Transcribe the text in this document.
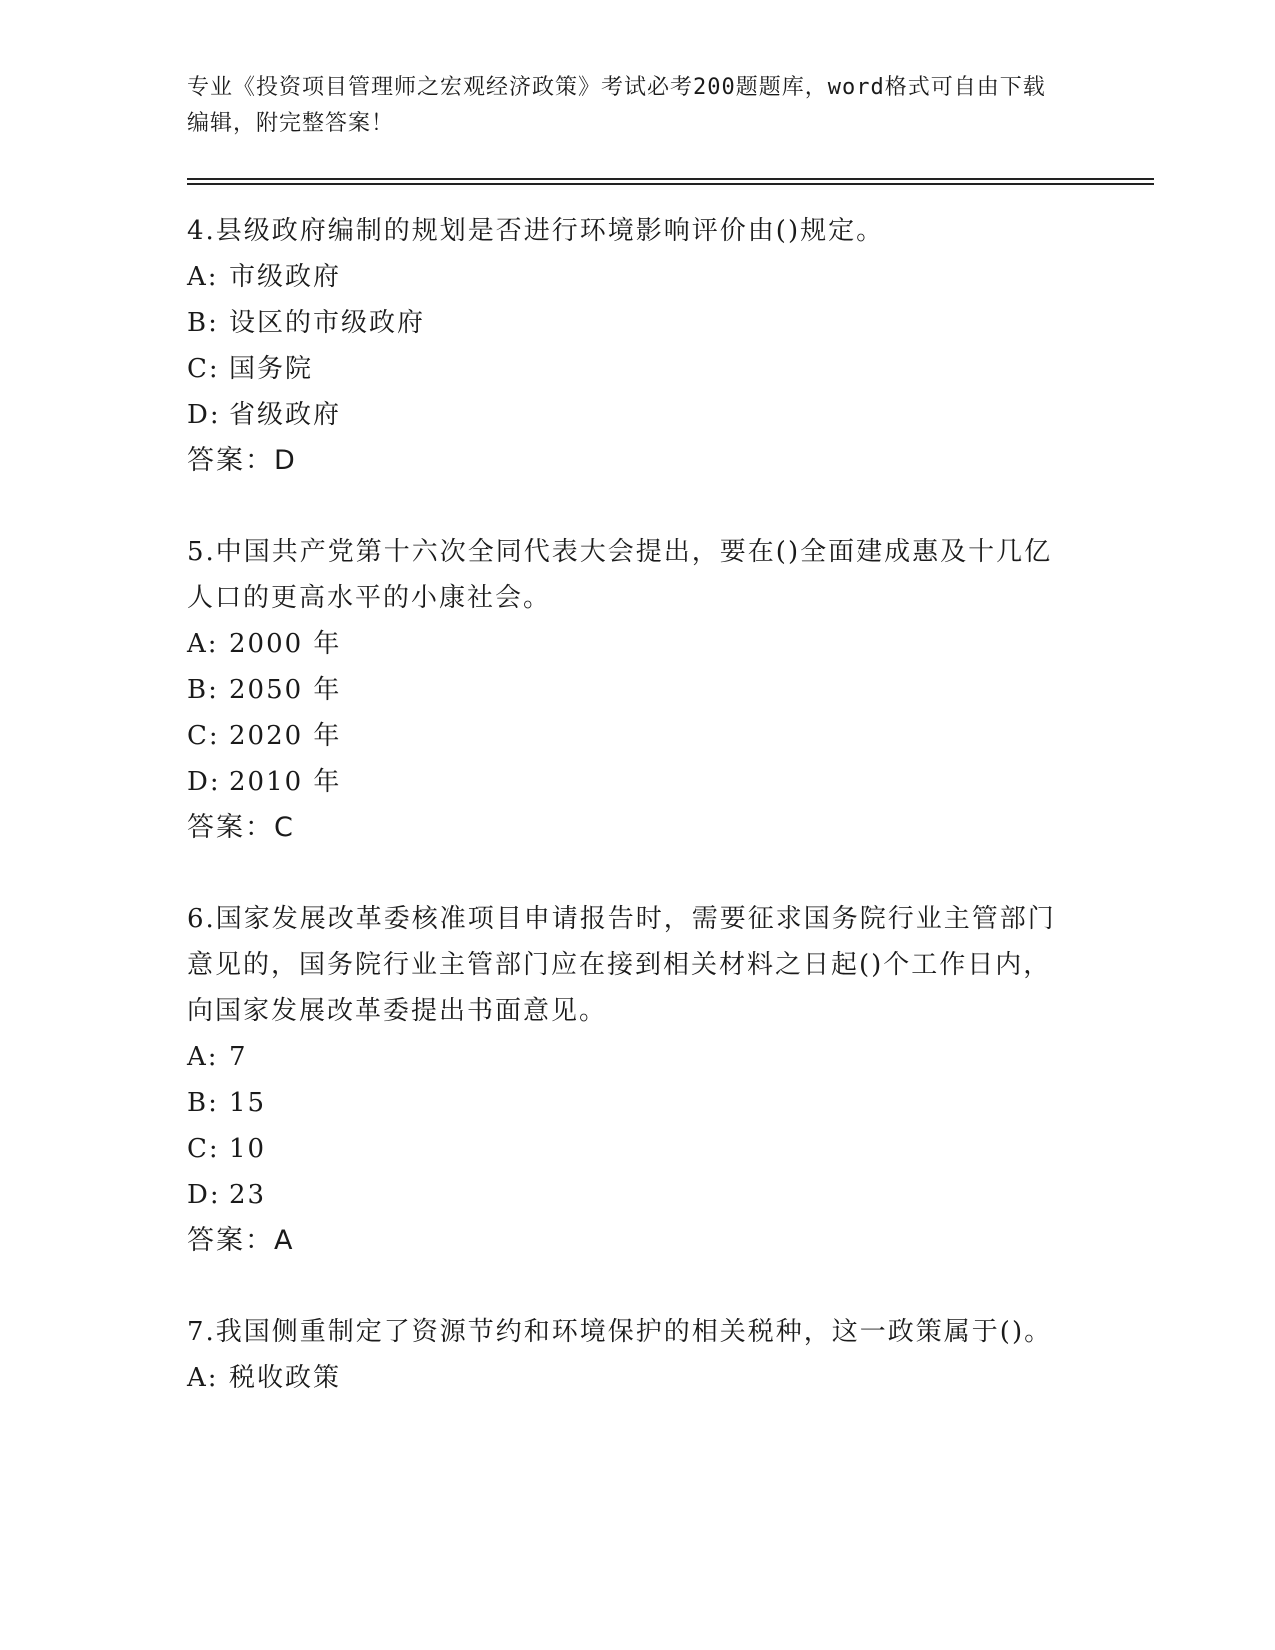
专业《投资项目管理师之宏观经济政策》考试必考200题题库，word格式可自由下载编辑，附完整答案！
4.县级政府编制的规划是否进行环境影响评价由()规定。
A: 市级政府
B: 设区的市级政府
C: 国务院
D: 省级政府
答案：D
5.中国共产党第十六次全同代表大会提出，要在()全面建成惠及十几亿人口的更高水平的小康社会。
A: 2000 年
B: 2050 年
C: 2020 年
D: 2010 年
答案：C
6.国家发展改革委核准项目申请报告时，需要征求国务院行业主管部门意见的，国务院行业主管部门应在接到相关材料之日起()个工作日内，向国家发展改革委提出书面意见。
A: 7
B: 15
C: 10
D: 23
答案：A
7.我国侧重制定了资源节约和环境保护的相关税种，这一政策属于()。
A: 税收政策
